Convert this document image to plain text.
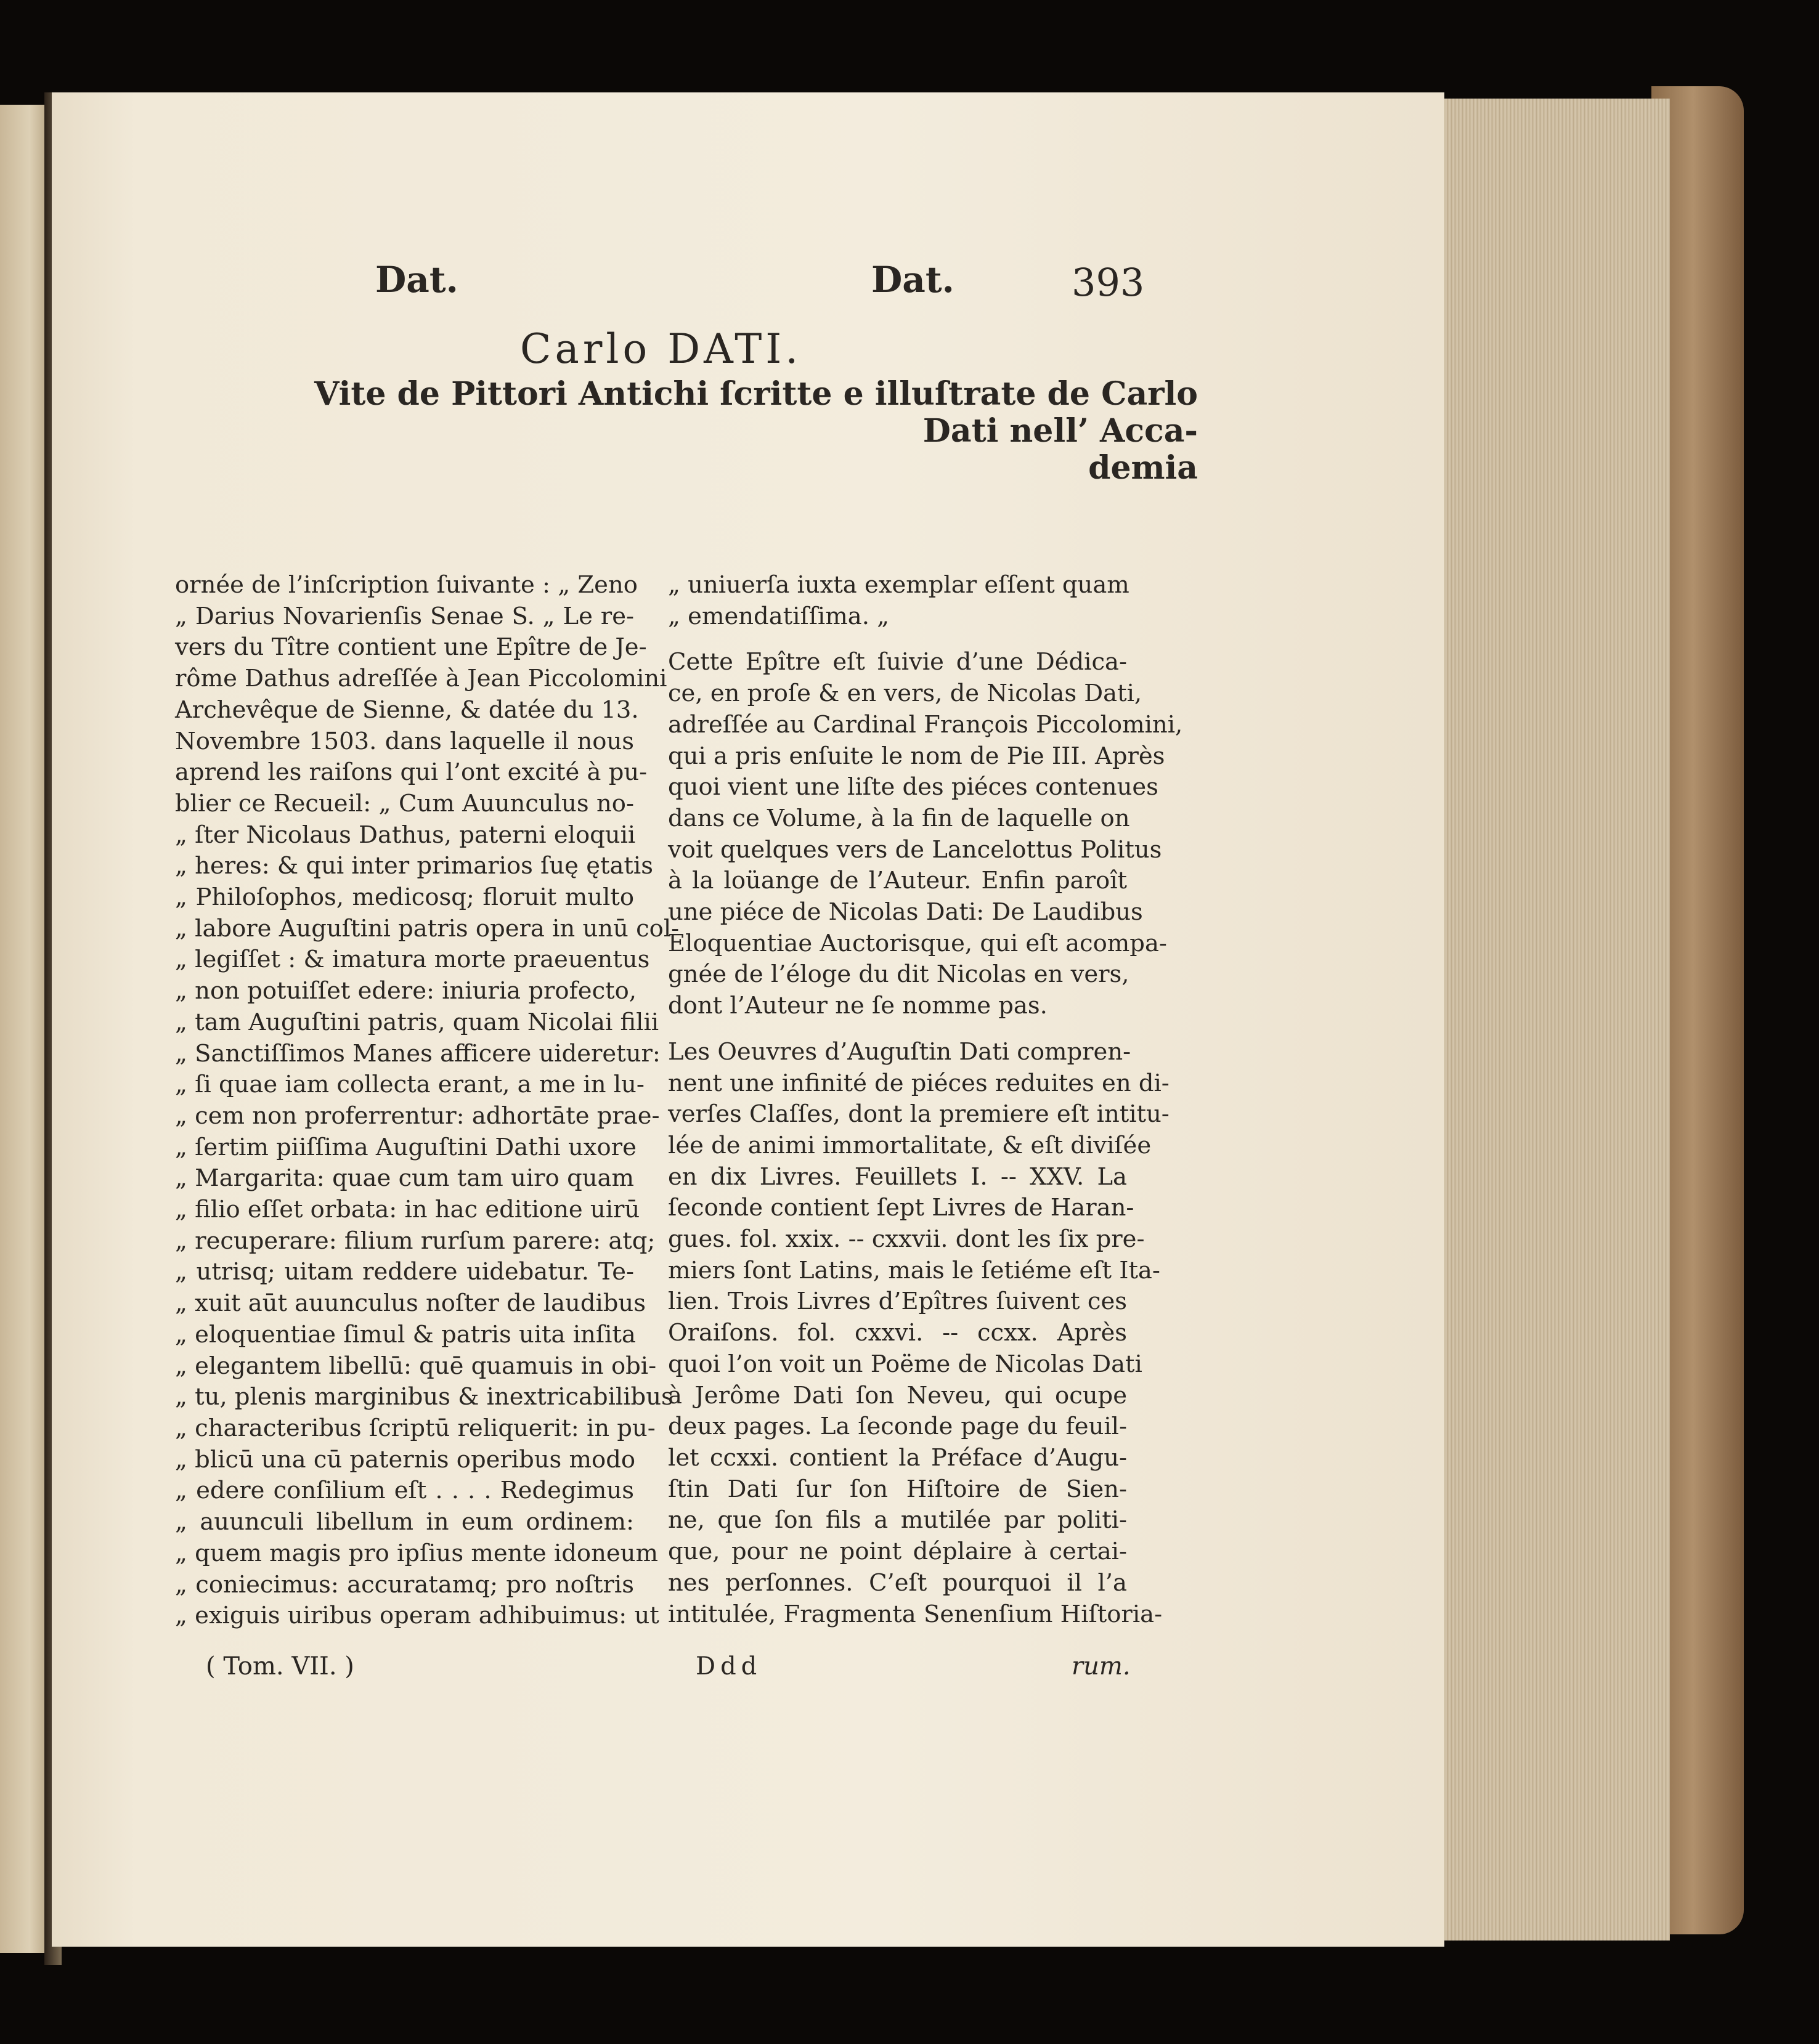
Dat.	Dat.	393
Carlo DATI.
Vite de Pittori Antichi ſcritte e illuſtrate de Carlo Dati nell’ Acca-
demia
ornée de l’inſcription ſuivante : „ Zeno
„ Darius Novarienſis Senae S. „ Le re-
vers du Tître contient une Epître de Je-
rôme Dathus adreſſée à Jean Piccolomini
Archevêque de Sienne, & datée du 13.
Novembre 1503. dans laquelle il nous
aprend les raiſons qui l’ont excité à pu-
blier ce Recueil: „ Cum Auunculus no-
„ ſter Nicolaus Dathus, paterni eloquii
„ heres: & qui inter primarios ſuę ętatis
„ Philoſophos, medicosq; floruit multo
„ labore Auguſtini patris opera in unū col-
„ legiſſet : & imatura morte praeuentus
„ non potuiſſet edere: iniuria profecto,
„ tam Auguſtini patris, quam Nicolai filii
„ Sanctiſſimos Manes afficere uideretur:
„ ſi quae iam collecta erant, a me in lu-
„ cem non proferrentur: adhortāte prae-
„ ſertim piiſſima Auguſtini Dathi uxore
„ Margarita: quae cum tam uiro quam
„ filio eſſet orbata: in hac editione uirū
„ recuperare: filium rurſum parere: atq;
„ utrisq; uitam reddere uidebatur. Te-
„ xuit aūt auunculus noſter de laudibus
„ eloquentiae ſimul & patris uita inſita
„ elegantem libellū: quē quamuis in obi-
„ tu, plenis marginibus & inextricabilibus
„ characteribus ſcriptū reliquerit: in pu-
„ blicū una cū paternis operibus modo
„ edere conſilium eſt . . . . Redegimus
„ auunculi libellum in eum ordinem:
„ quem magis pro ipſius mente idoneum
„ coniecimus: accuratamq; pro noſtris
„ exiguis uiribus operam adhibuimus: ut
„ uniuerſa iuxta exemplar eſſent quam
„ emendatiſſima. „
Cette Epître eſt ſuivie d’une Dédica-
ce, en proſe & en vers, de Nicolas Dati,
adreſſée au Cardinal François Piccolomini,
qui a pris enſuite le nom de Pie III. Après
quoi vient une liſte des piéces contenues
dans ce Volume, à la fin de laquelle on
voit quelques vers de Lancelottus Politus
à la loüange de l’Auteur. Enfin paroît
une piéce de Nicolas Dati: De Laudibus
Eloquentiae Auctorisque, qui eſt acompa-
gnée de l’éloge du dit Nicolas en vers,
dont l’Auteur ne ſe nomme pas.
Les Oeuvres d’Auguſtin Dati compren-
nent une infinité de piéces reduites en di-
verſes Claſſes, dont la premiere eſt intitu-
lée de animi immortalitate, & eſt diviſée
en dix Livres. Feuillets I. -- XXV. La
ſeconde contient ſept Livres de Haran-
gues. fol. xxix. -- cxxvii. dont les ſix pre-
miers ſont Latins, mais le ſetiéme eſt Ita-
lien. Trois Livres d’Epîtres ſuivent ces
Oraiſons. fol. cxxvi. -- ccxx. Après
quoi l’on voit un Poëme de Nicolas Dati
à Jerôme Dati ſon Neveu, qui ocupe
deux pages. La ſeconde page du feuil-
let ccxxi. contient la Préface d’Augu-
ſtin Dati ſur ſon Hiſtoire de Sien-
ne, que ſon fils a mutilée par politi-
que, pour ne point déplaire à certai-
nes perſonnes. C’eſt pourquoi il l’a
intitulée, Fragmenta Senenſium Hiſtoria-
( Tom. VII. )	Ddd	rum.
